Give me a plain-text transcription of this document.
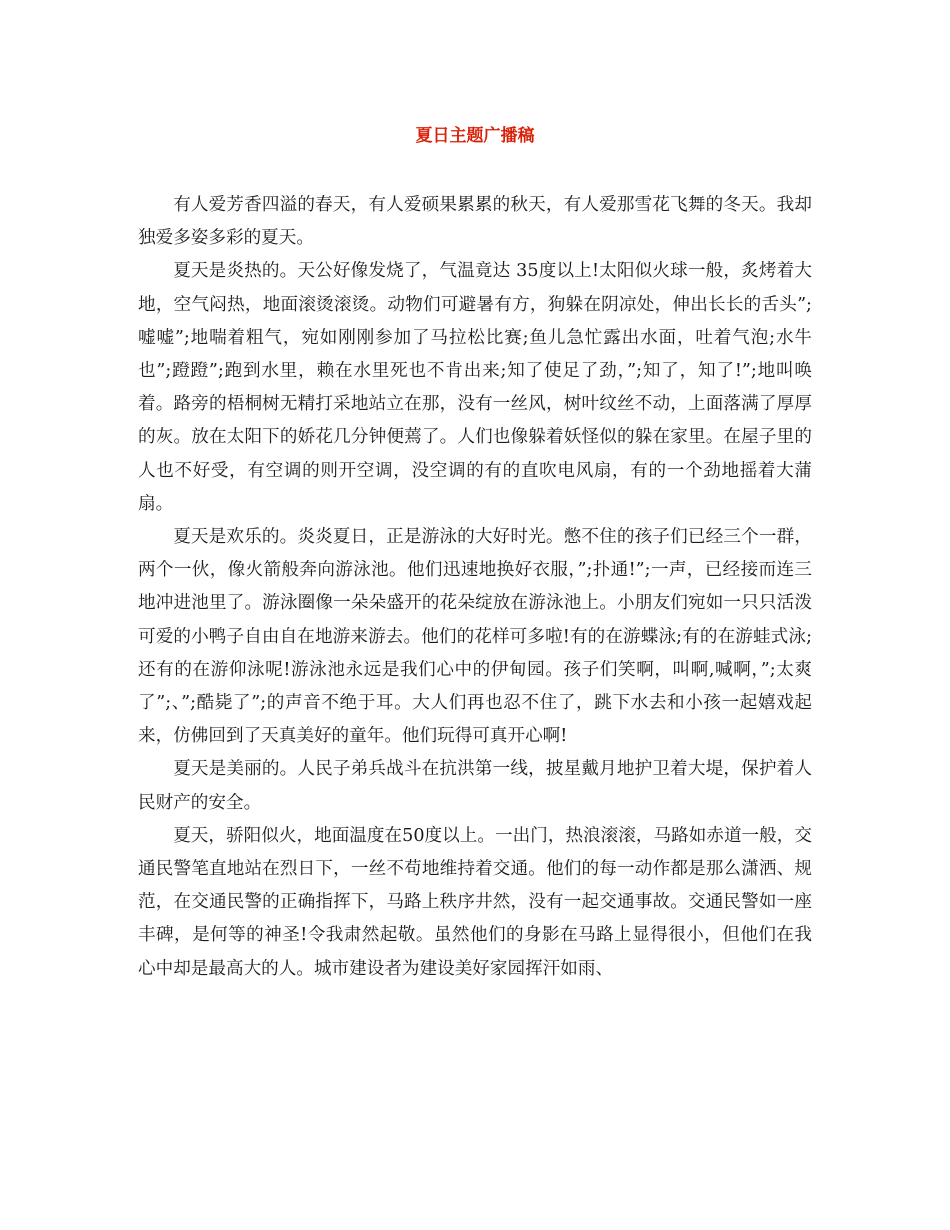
夏日主题广播稿

有人爱芳香四溢的春天，有人爱硕果累累的秋天，有人爱那雪花飞舞的冬天。我却独爱多姿多彩的夏天。

夏天是炎热的。天公好像发烧了，气温竟达 35度以上!太阳似火球一般，炙烤着大地，空气闷热，地面滚烫滚烫。动物们可避暑有方，狗躲在阴凉处，伸出长长的舌头”;嘘嘘”;地喘着粗气，宛如刚刚参加了马拉松比赛;鱼儿急忙露出水面，吐着气泡;水牛也”;蹬蹬”;跑到水里，赖在水里死也不肯出来;知了使足了劲，”;知了，知了!”;地叫唤着。路旁的梧桐树无精打采地站立在那，没有一丝风，树叶纹丝不动，上面落满了厚厚的灰。放在太阳下的娇花几分钟便蔫了。人们也像躲着妖怪似的躲在家里。在屋子里的人也不好受，有空调的则开空调，没空调的有的直吹电风扇，有的一个劲地摇着大蒲扇。

夏天是欢乐的。炎炎夏日，正是游泳的大好时光。憋不住的孩子们已经三个一群，两个一伙，像火箭般奔向游泳池。他们迅速地换好衣服，”;扑通!”;一声，已经接而连三地冲进池里了。游泳圈像一朵朵盛开的花朵绽放在游泳池上。小朋友们宛如一只只活泼可爱的小鸭子自由自在地游来游去。他们的花样可多啦!有的在游蝶泳;有的在游蛙式泳;还有的在游仰泳呢!游泳池永远是我们心中的伊甸园。孩子们笑啊，叫啊,喊啊，”;太爽了”;、”;酷毙了”;的声音不绝于耳。大人们再也忍不住了，跳下水去和小孩一起嬉戏起来，仿佛回到了天真美好的童年。他们玩得可真开心啊!

夏天是美丽的。人民子弟兵战斗在抗洪第一线，披星戴月地护卫着大堤，保护着人民财产的安全。

夏天，骄阳似火，地面温度在50度以上。一出门，热浪滚滚，马路如赤道一般，交通民警笔直地站在烈日下，一丝不苟地维持着交通。他们的每一动作都是那么潇洒、规范，在交通民警的正确指挥下，马路上秩序井然，没有一起交通事故。交通民警如一座丰碑，是何等的神圣!令我肃然起敬。虽然他们的身影在马路上显得很小，但他们在我心中却是最高大的人。城市建设者为建设美好家园挥汗如雨、
